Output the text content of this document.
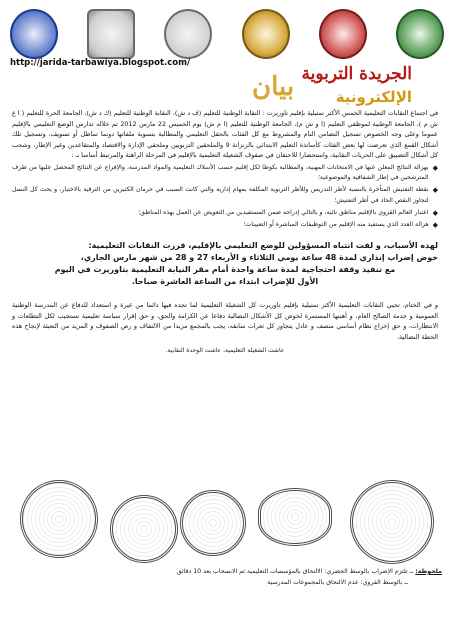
http://jarida-tarbawiya.blogspot.com/
الجريدة التربوية
بيان	الإلكترونية

في اجتماع النقابات التعليمية الخمس الأكثر تمثيلية بإقليم تاوريرت : النقابة الوطنية للتعليم (ف د ش)، النقابة الوطنية للتعليم (ك د ش)، الجامعة الحرة للتعليم ( ا ع ش م )، الجامعة الوطنية لموظفي التعليم (ا و ش م)، الجامعة الوطنية للتعليم (ا م ش) يوم الخميس 22 مارس 2012 تم خلاله تدارس الوضع التعليمي بالإقليم عموما وعلى وجه الخصوص تسجيل التضامن التام والمشروط مع كل الفئات بالحقل التعليمي والمطالبة بتسوية ملفاتها دونما تماطل أو تسويف، وتسجيل تلك أشكال القمع الذي تعرضت لها بعض الفئات كأساتذة التعليم الابتدائي بالزنزانة 9 والملحقين التربويين وملحقي الإدارة والاقتصاد والمتقاعدين وغير الإطار، وشجب كل أشكال التضييق على الحريات النقابية، واستحضارا للاحتقان في صفوف الشغيلة التعليمية بالإقليم في المرحلة الراهنة والمرتبط أساسا بـ :

◆
بهزالة النتائج المعلن عنها في الامتحانات المهنية، والمطالبة بكوطا لكل إقليم حسب الأسلاك التعليمية والمواد المدرسة، والإفراج عن النتائج المحصل عليها من طرف المترشحين في إطار الشفافية والموضوعية؛
◆
نقطة التفتيش المتأخرة بالنسبة لأطر التدريس وللأطر التربوية المكلفة بمهام إدارية والتي كانت السبب في حرمان الكثيرين من الترقية بالاختيار، و يحث كل النسل لتجاوز النقص الحاد في أطر التفتيش؛
◆
اعتبار العالم القروي بالإقليم مناطق نائية، و بالتالي إدراجه ضمن المستفيدين من التعويض عن العمل بهذه المناطق؛
◆
هزالة العدد الذي يستفيد منه الإقليم من التوظيفات المباشرة أو التعيينات؛
لهذه الأسباب، و لفت انتباه المسؤولين للوضع التعليمي بالإقليم، قررت النقابات التعليمية:
خوض إضراب إنذاري لمدة 48 ساعة يومي الثلاثاء و الأربعاء 27 و 28 من شهر مارس الجاري،
مع تنفيذ وقفة احتجاجية لمدة ساعة واحدة أمام مقر النيابة التعليمية بتاوريرت في اليوم
الأول للإضراب ابتداء من الساعة العاشرة صباحا.

و في الختام، تحيي النقابات التعليمية الأكثر تمثيلية بإقليم تاوريرت كل الشغيلة التعليمية لما تجده فيها دائما من غيرة و استعداد للدفاع عن المدرسة الوطنية العمومية و خدمة الصالح العام، و أهبتها المستمرة لخوض كل الأشكال النضالية دفاعا عن الكرامة والحق، و حق إقرار سياسة تعليمية تستجيب لكل التطلعات و الانتظارات، و حق إخراج نظام أساسي منصف و عادل يتجاوز كل ثغرات سابقه، يجب بالمجمع مزيدا من الالتفاف و رص الصفوف و المزيد من التعبئة لإنجاح هذه الخطة النضالية.

عاشت الشغيلة التعليمية، عاشت الوحدة النقابية.
ملحوظة: ــ تلتزم الإضراب بالوسط الحضري: الالتحاق بالمؤسسات التعليمية ثم الانسحاب بعد 10 دقائق
ــ بالوسط القروي: عدم الالتحاق بالمجموعات المدرسية
